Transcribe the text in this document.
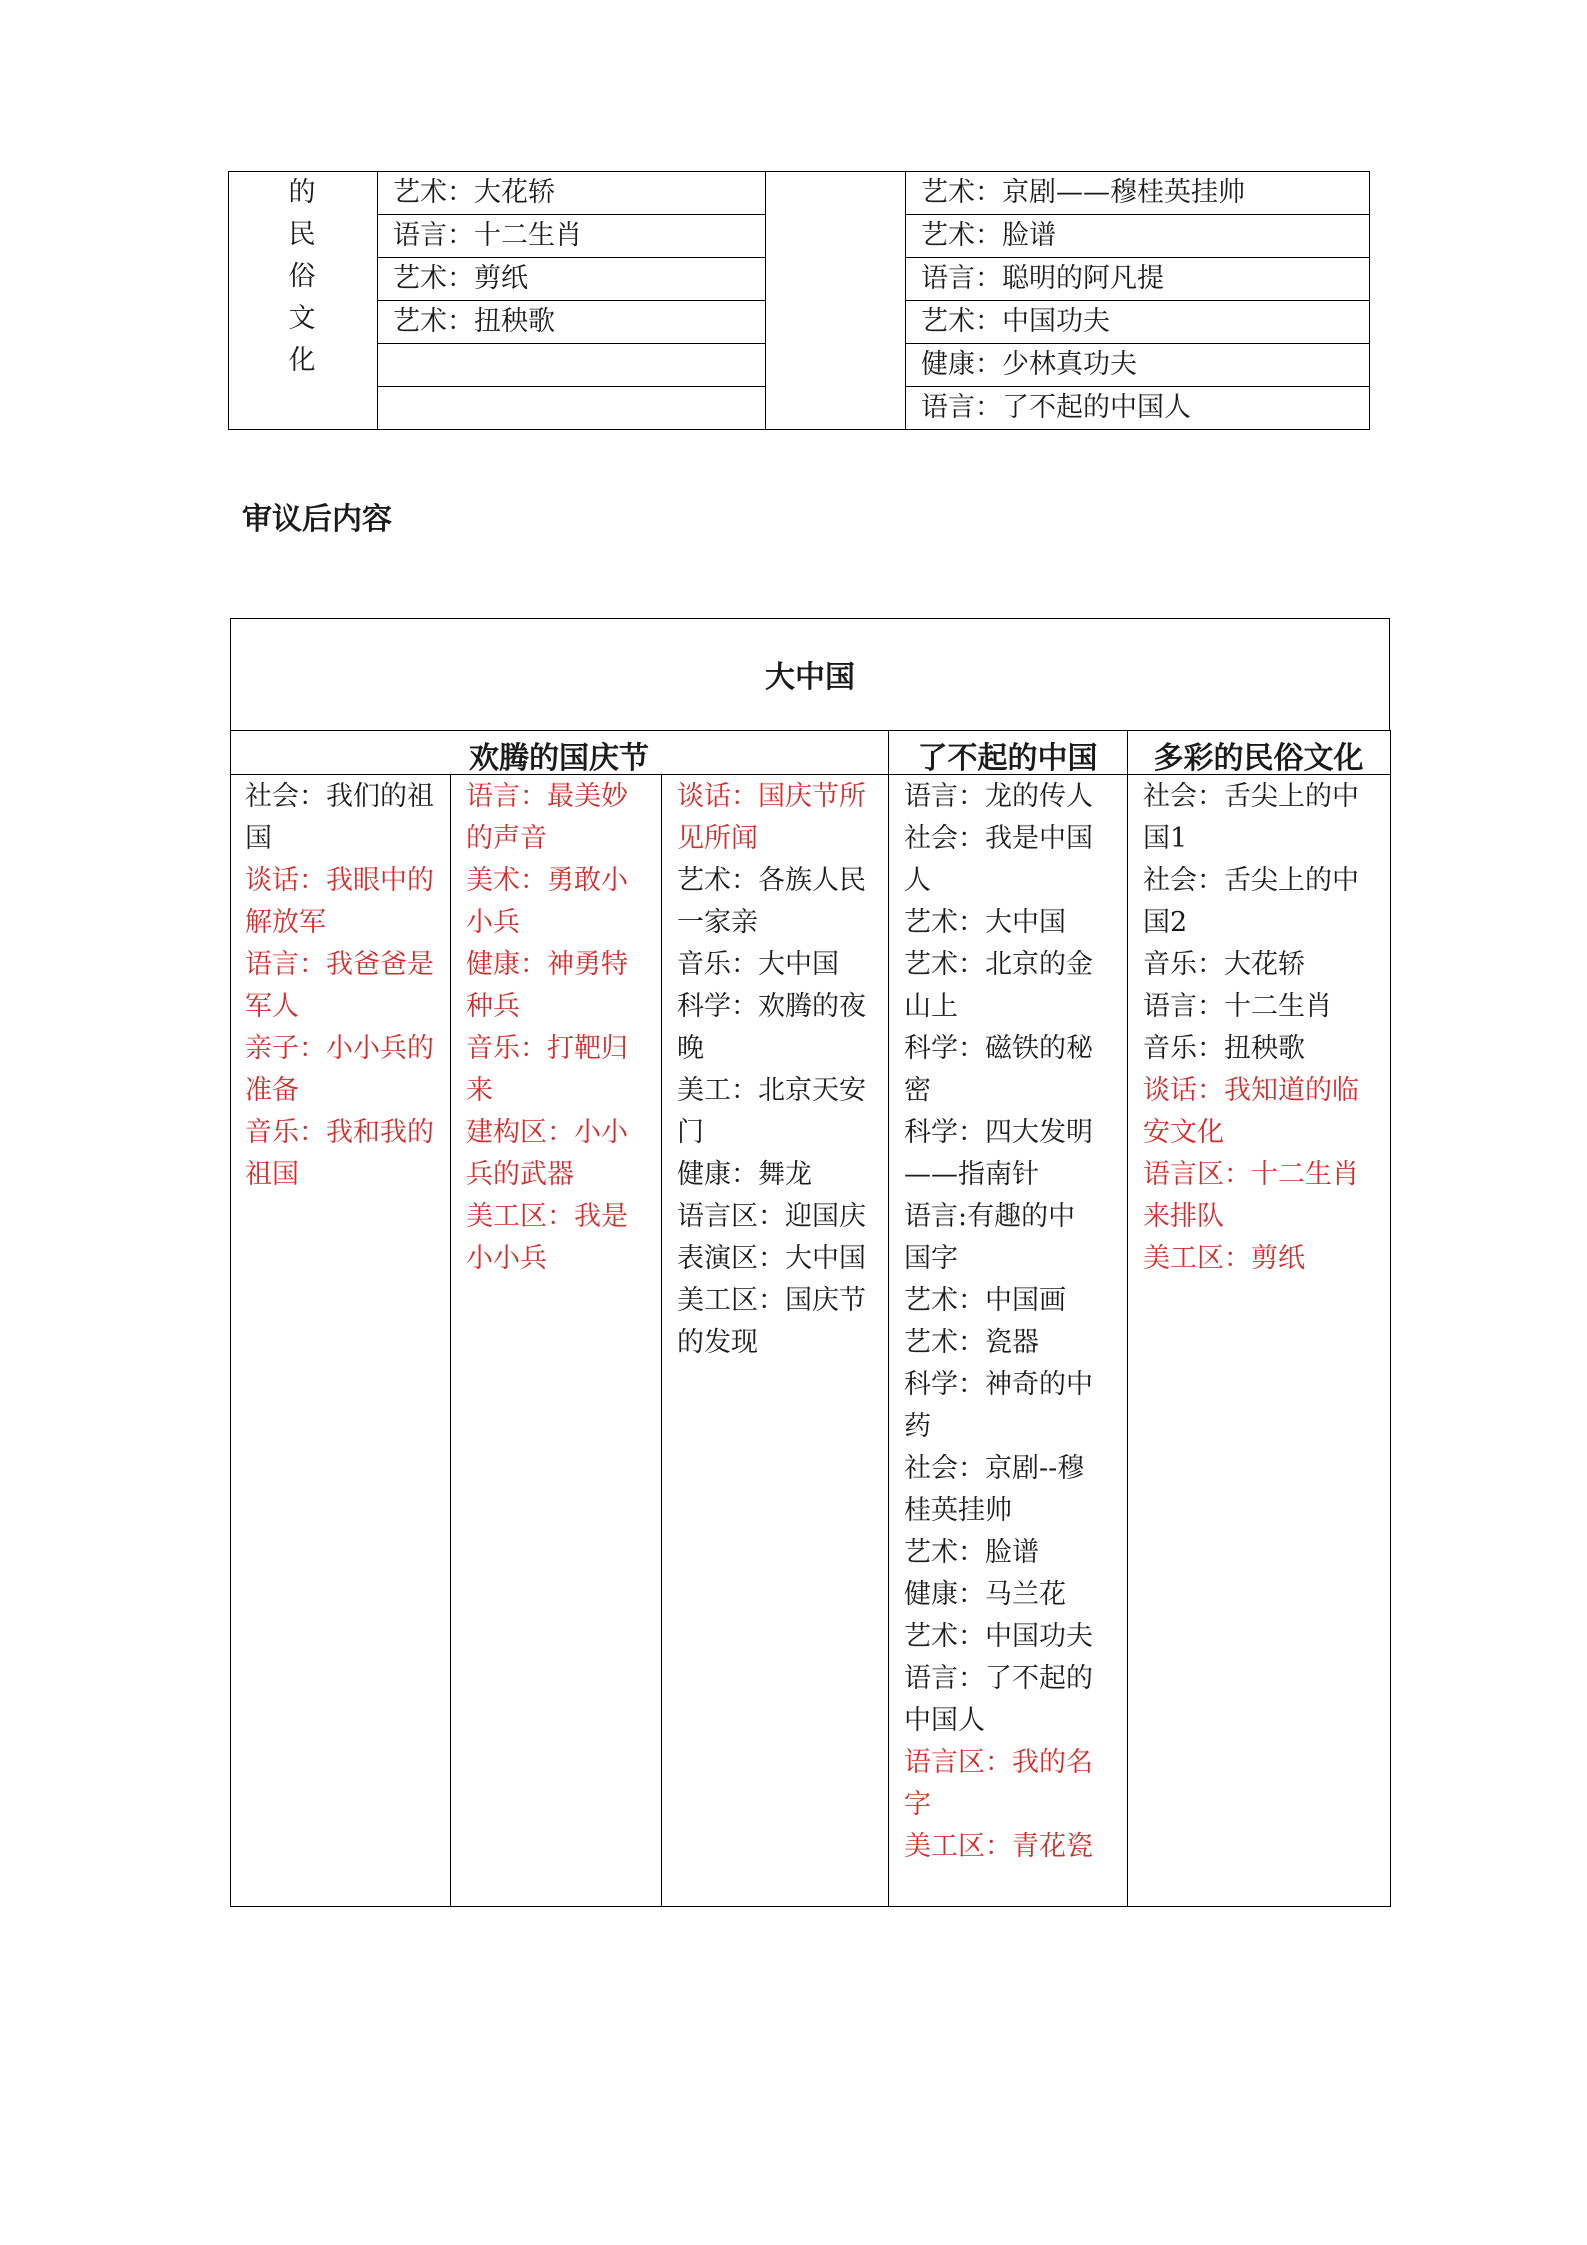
的
民
俗
文
化
艺术：大花轿
语言：十二生肖
艺术：剪纸
艺术：扭秧歌
艺术：京剧——穆桂英挂帅
艺术：脸谱
语言：聪明的阿凡提
艺术：中国功夫
健康：少林真功夫
语言：了不起的中国人
审议后内容
大中国
欢腾的国庆节	了不起的中国	多彩的民俗文化
社会：我们的祖
国
谈话：我眼中的
解放军
语言：我爸爸是
军人
亲子：小小兵的
准备
音乐：我和我的
祖国
语言：最美妙
的声音
美术：勇敢小
小兵
健康：神勇特
种兵
音乐：打靶归
来
建构区：小小
兵的武器
美工区：我是
小小兵
谈话：国庆节所
见所闻
艺术：各族人民
一家亲
音乐：大中国
科学：欢腾的夜
晚
美工：北京天安
门
健康：舞龙
语言区：迎国庆
表演区：大中国
美工区：国庆节
的发现
语言：龙的传人
社会：我是中国
人
艺术：大中国
艺术：北京的金
山上
科学：磁铁的秘
密
科学：四大发明
——指南针
语言:有趣的中
国字
艺术：中国画
艺术：瓷器
科学：神奇的中
药
社会：京剧--穆
桂英挂帅
艺术：脸谱
健康：马兰花
艺术：中国功夫
语言：了不起的
中国人
语言区：我的名
字
美工区：青花瓷
社会：舌尖上的中
国1
社会：舌尖上的中
国2
音乐：大花轿
语言：十二生肖
音乐：扭秧歌
谈话：我知道的临
安文化
语言区：十二生肖
来排队
美工区：剪纸
